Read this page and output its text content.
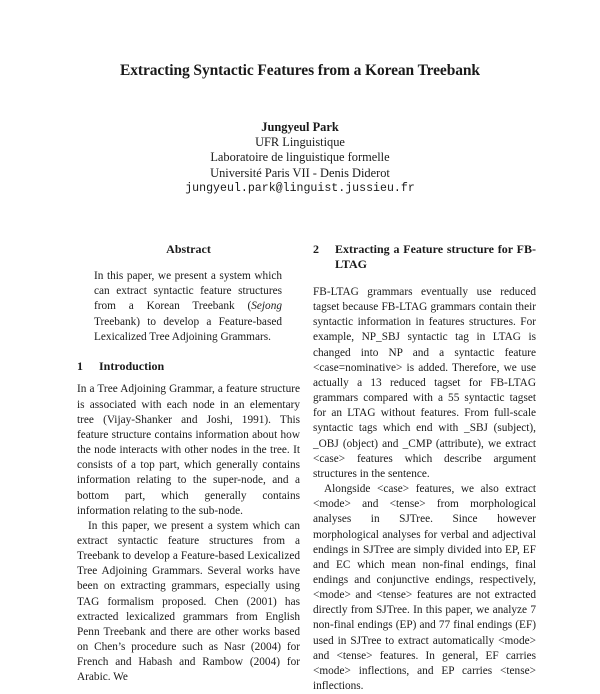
Extracting Syntactic Features from a Korean Treebank
Jungyeul Park
UFR Linguistique
Laboratoire de linguistique formelle
Université Paris VII - Denis Diderot
jungyeul.park@linguist.jussieu.fr
Abstract
In this paper, we present a system which can extract syntactic feature structures from a Korean Treebank (Sejong Treebank) to develop a Feature-based Lexicalized Tree Adjoining Grammars.
1	Introduction

In a Tree Adjoining Grammar, a feature structure is associated with each node in an elementary tree (Vijay-Shanker and Joshi, 1991). This feature structure contains information about how the node interacts with other nodes in the tree. It consists of a top part, which generally contains information relating to the super-node, and a bottom part, which generally contains information relating to the sub-node.

In this paper, we present a system which can extract syntactic feature structures from a Treebank to develop a Feature-based Lexicalized Tree Adjoining Grammars. Several works have been on extracting grammars, especially using TAG formalism proposed. Chen (2001) has extracted lexicalized grammars from English Penn Treebank and there are other works based on Chen’s procedure such as Nasr (2004) for French and Habash and Rambow (2004) for Arabic. We

2	Extracting a Feature structure for FB-LTAG

FB-LTAG grammars eventually use reduced tagset because FB-LTAG grammars contain their syntactic information in features structures. For example, NP_SBJ syntactic tag in LTAG is changed into NP and a syntactic feature <case=nominative> is added. Therefore, we use actually a 13 reduced tagset for FB-LTAG grammars compared with a 55 syntactic tagset for an LTAG without features. From full-scale syntactic tags which end with _SBJ (subject), _OBJ (object) and _CMP (attribute), we extract <case> features which describe argument structures in the sentence.

Alongside <case> features, we also extract <mode> and <tense> from morphological analyses in SJTree. Since however morphological analyses for verbal and adjectival endings in SJTree are simply divided into EP, EF and EC which mean non-final endings, final endings and conjunctive endings, respectively, <mode> and <tense> features are not extracted directly from SJTree. In this paper, we analyze 7 non-final endings (EP) and 77 final endings (EF) used in SJTree to extract automatically <mode> and <tense> features. In general, EF carries <mode> inflections, and EP carries <tense> inflections.
